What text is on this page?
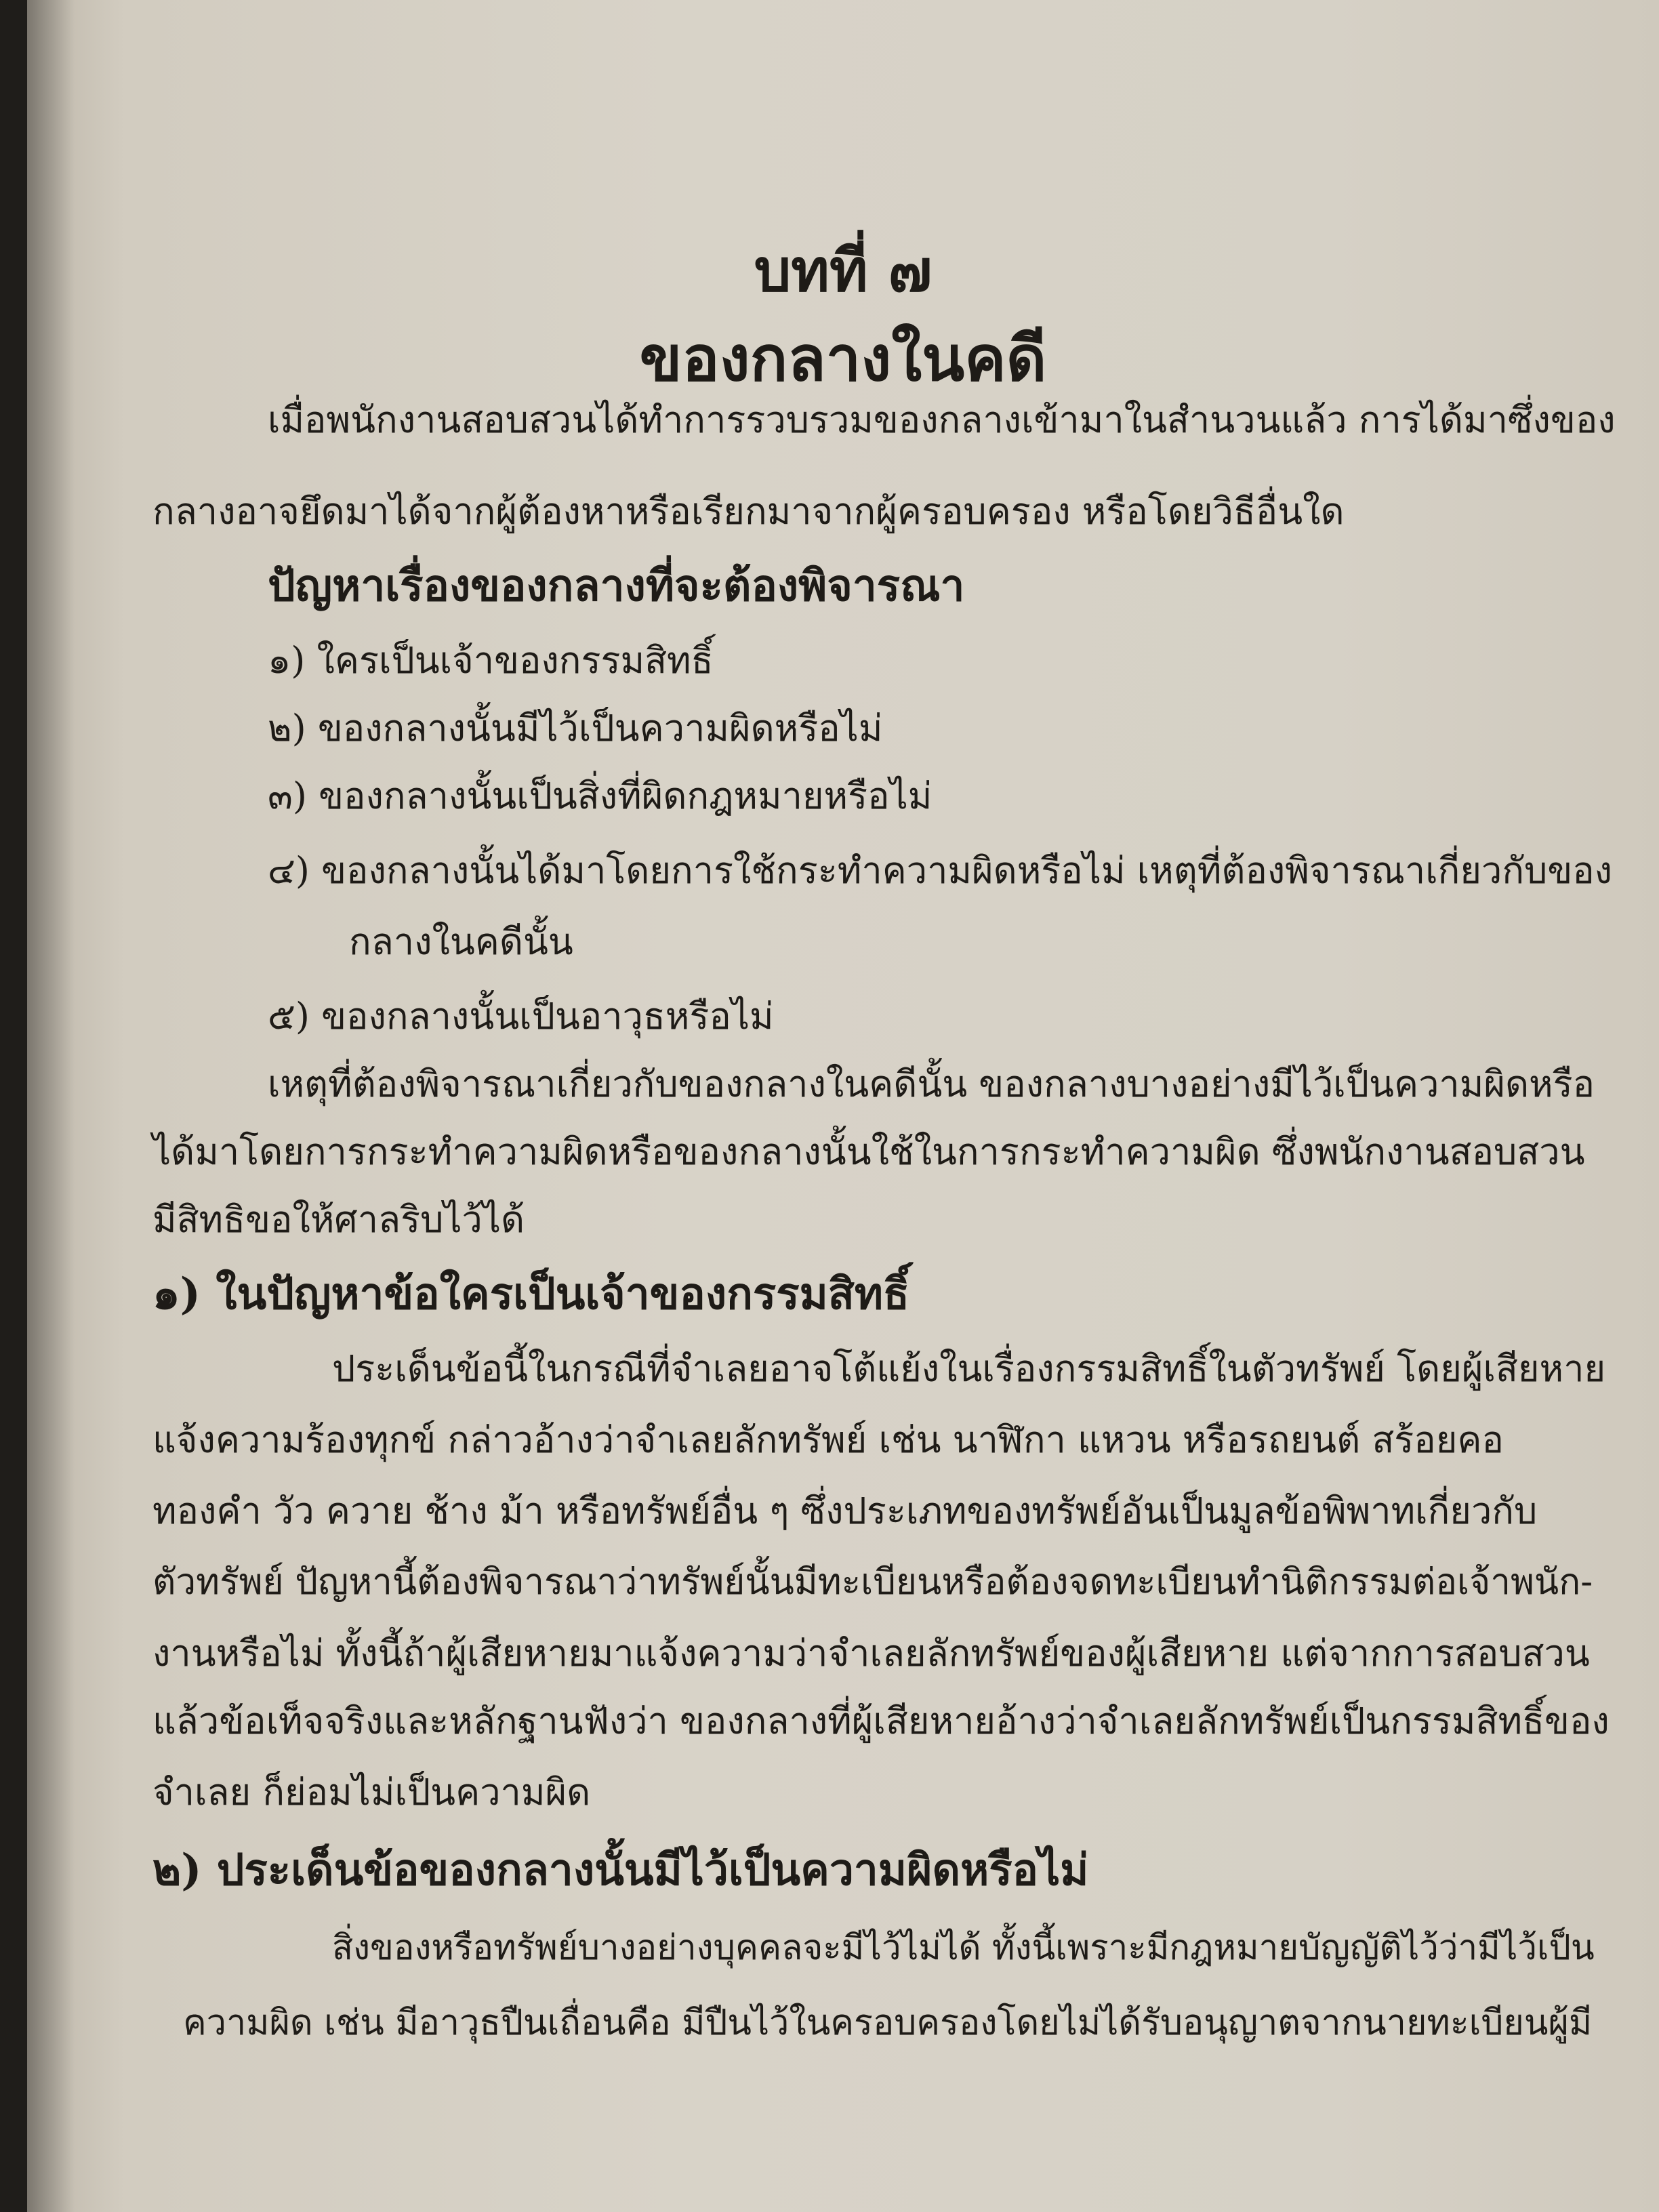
บทที่ ๗
ของกลางในคดี
เมื่อพนักงานสอบสวนได้ทำการรวบรวมของกลางเข้ามาในสำนวนแล้ว การได้มาซึ่งของ
กลางอาจยึดมาได้จากผู้ต้องหาหรือเรียกมาจากผู้ครอบครอง หรือโดยวิธีอื่นใด
ปัญหาเรื่องของกลางที่จะต้องพิจารณา
๑) ใครเป็นเจ้าของกรรมสิทธิ์
๒) ของกลางนั้นมีไว้เป็นความผิดหรือไม่
๓) ของกลางนั้นเป็นสิ่งที่ผิดกฎหมายหรือไม่
๔) ของกลางนั้นได้มาโดยการใช้กระทำความผิดหรือไม่ เหตุที่ต้องพิจารณาเกี่ยวกับของ
กลางในคดีนั้น
๕) ของกลางนั้นเป็นอาวุธหรือไม่
เหตุที่ต้องพิจารณาเกี่ยวกับของกลางในคดีนั้น ของกลางบางอย่างมีไว้เป็นความผิดหรือ
ได้มาโดยการกระทำความผิดหรือของกลางนั้นใช้ในการกระทำความผิด ซึ่งพนักงานสอบสวน
มีสิทธิขอให้ศาลริบไว้ได้
๑) ในปัญหาข้อใครเป็นเจ้าของกรรมสิทธิ์
ประเด็นข้อนี้ในกรณีที่จำเลยอาจโต้แย้งในเรื่องกรรมสิทธิ์ในตัวทรัพย์ โดยผู้เสียหาย
แจ้งความร้องทุกข์ กล่าวอ้างว่าจำเลยลักทรัพย์ เช่น นาฬิกา แหวน หรือรถยนต์ สร้อยคอ
ทองคำ วัว ควาย ช้าง ม้า หรือทรัพย์อื่น ๆ ซึ่งประเภทของทรัพย์อันเป็นมูลข้อพิพาทเกี่ยวกับ
ตัวทรัพย์ ปัญหานี้ต้องพิจารณาว่าทรัพย์นั้นมีทะเบียนหรือต้องจดทะเบียนทำนิติกรรมต่อเจ้าพนัก-
งานหรือไม่ ทั้งนี้ถ้าผู้เสียหายมาแจ้งความว่าจำเลยลักทรัพย์ของผู้เสียหาย แต่จากการสอบสวน
แล้วข้อเท็จจริงและหลักฐานฟังว่า ของกลางที่ผู้เสียหายอ้างว่าจำเลยลักทรัพย์เป็นกรรมสิทธิ์ของ
จำเลย ก็ย่อมไม่เป็นความผิด
๒) ประเด็นข้อของกลางนั้นมีไว้เป็นความผิดหรือไม่
สิ่งของหรือทรัพย์บางอย่างบุคคลจะมีไว้ไม่ได้ ทั้งนี้เพราะมีกฎหมายบัญญัติไว้ว่ามีไว้เป็น
ความผิด เช่น มีอาวุธปืนเถื่อนคือ มีปืนไว้ในครอบครองโดยไม่ได้รับอนุญาตจากนายทะเบียนผู้มี
